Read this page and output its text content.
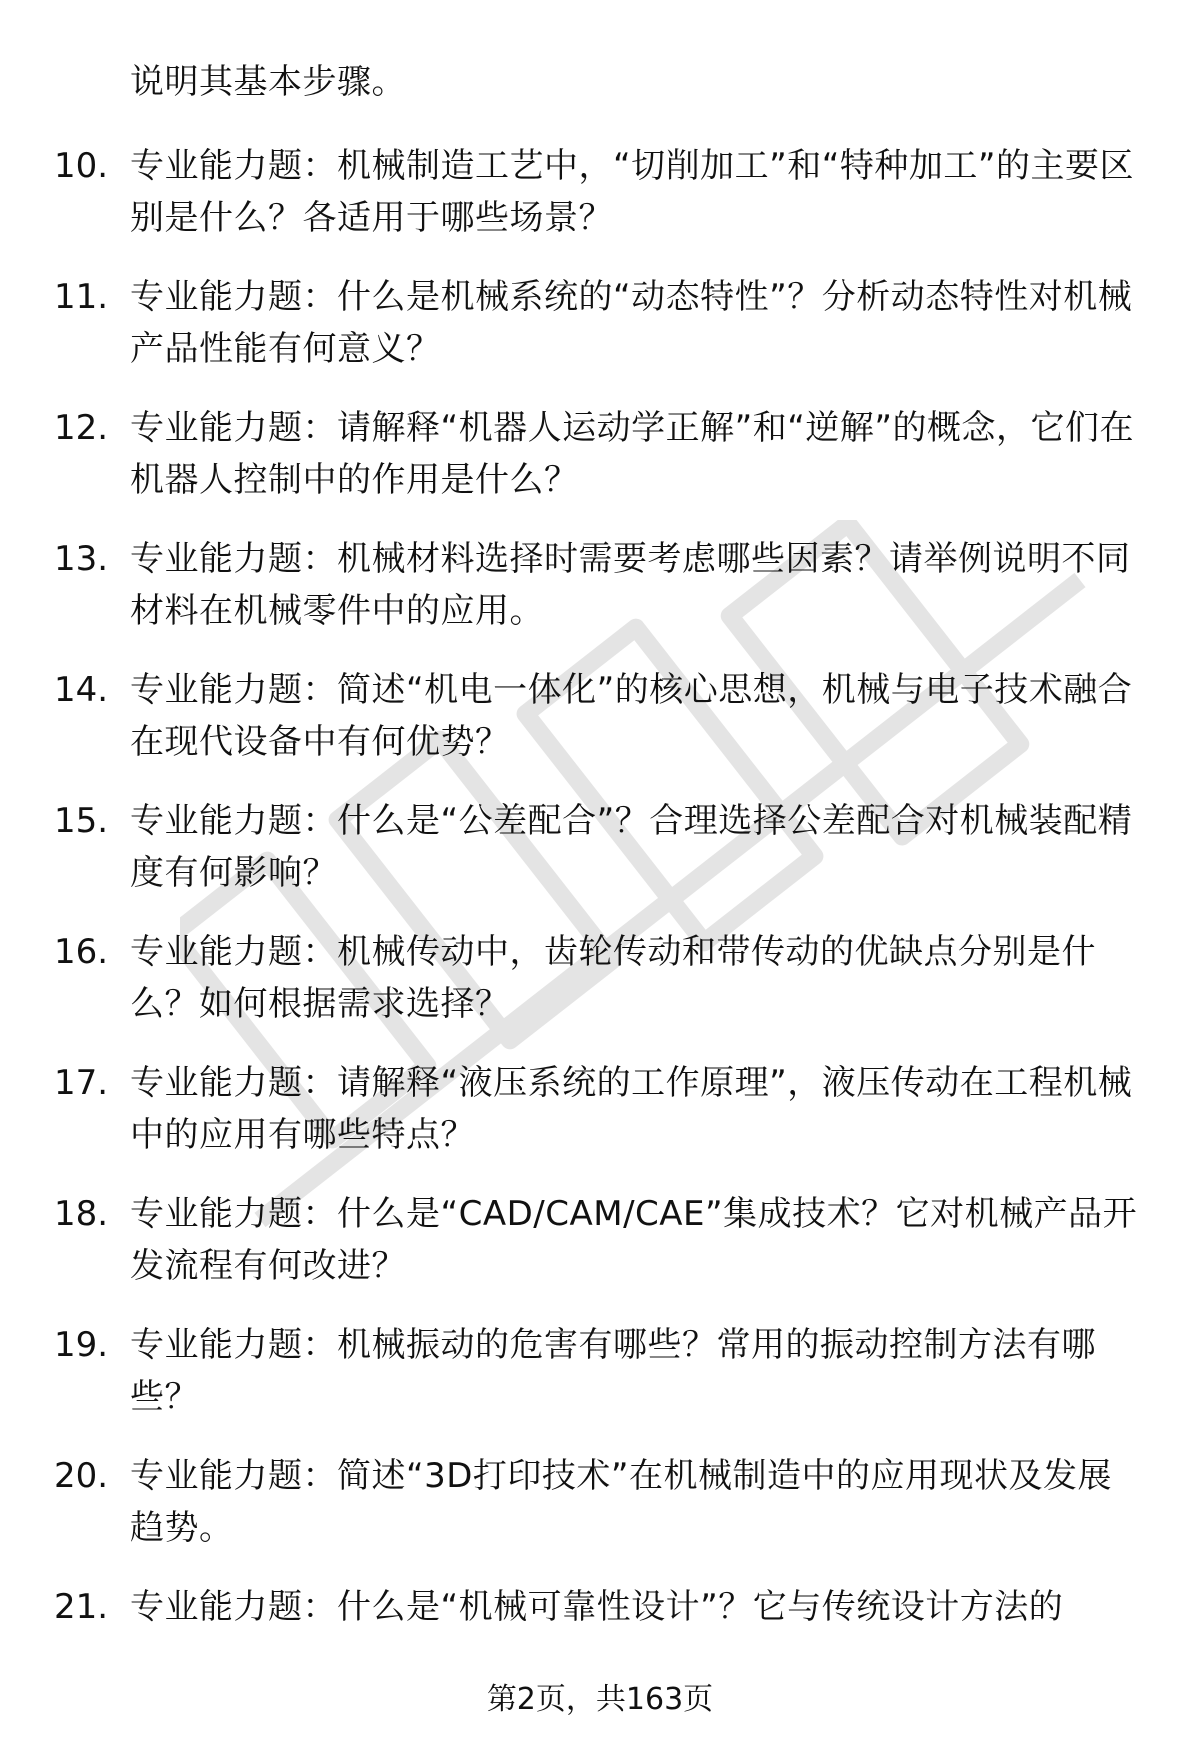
说明其基本步骤。
10. 专业能力题：机械制造工艺中，“切削加工”和“特种加工”的主要区别是什么？各适用于哪些场景？
11. 专业能力题：什么是机械系统的“动态特性”？分析动态特性对机械产品性能有何意义？
12. 专业能力题：请解释“机器人运动学正解”和“逆解”的概念，它们在机器人控制中的作用是什么？
13. 专业能力题：机械材料选择时需要考虑哪些因素？请举例说明不同材料在机械零件中的应用。
14. 专业能力题：简述“机电一体化”的核心思想，机械与电子技术融合在现代设备中有何优势？
15. 专业能力题：什么是“公差配合”？合理选择公差配合对机械装配精度有何影响？
16. 专业能力题：机械传动中，齿轮传动和带传动的优缺点分别是什么？如何根据需求选择？
17. 专业能力题：请解释“液压系统的工作原理”，液压传动在工程机械中的应用有哪些特点？
18. 专业能力题：什么是“CAD/CAM/CAE”集成技术？它对机械产品开发流程有何改进？
19. 专业能力题：机械振动的危害有哪些？常用的振动控制方法有哪些？
20. 专业能力题：简述“3D打印技术”在机械制造中的应用现状及发展趋势。
21. 专业能力题：什么是“机械可靠性设计”？它与传统设计方法的
第2页，共163页
